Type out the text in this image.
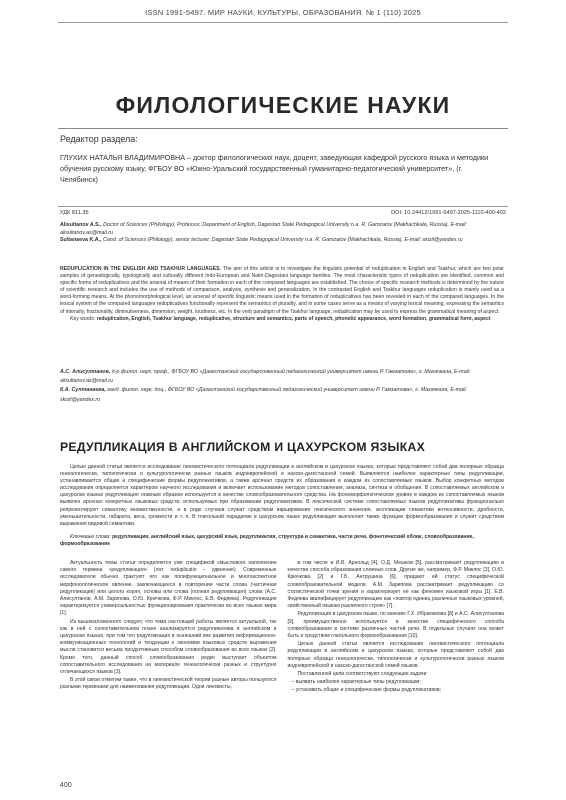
ISSN 1991-5497. МИР НАУКИ, КУЛЬТУРЫ, ОБРАЗОВАНИЯ. № 1 (110) 2025
ФИЛОЛОГИЧЕСКИЕ НАУКИ
Редактор раздела:
ГЛУХИХ НАТАЛЬЯ ВЛАДИМИРОВНА – доктор филологических наук, доцент, заведующая кафедрой русского языка и методики обучения русскому языку, ФГБОУ ВО «Южно-Уральский государственный гуманитарно-педагогический университет», (г. Челябинск)
УДК 811.35	DOI: 10.24412/1991-5497-2025-1110-400-402
Alisultanov A.S., Doctor of Sciences (Philology), Professor, Department of English, Dagestan State Pedagogical University n.a. R. Gamzatov (Makhachkala, Russia), E-mail: alisultanov.as@mail.ru
Sultanaeva K.A., Cand. of Sciences (Philology), senior lecturer, Dagestan State Pedagogical University n.a. R. Gamzatov (Makhachkala, Russia), E-mail: skizil@yandex.ru
REDUPLICATION IN THE ENGLISH AND TSAKHUR LANGUAGES. The aim of this article is to investigate the linguistic potential of reduplication in English and Tsakhur, which are two polar samples of genealogically, typologically and culturally different Indo-European and Nakh-Dagestani language families. The most characteristic types of reduplication are identified, common and specific forms of reduplicatives and the arsenal of means of their formation in each of the compared languages are established. The choice of specific research methods is determined by the nature of scientific research and includes the use of methods of comparison, analysis, synthesis and generalization. In the contrasted English and Tsakhur languages reduplication is mainly used as a word-forming means. At the phonomorphological level, an arsenal of specific linguistic means used in the formation of reduplicatives has been revealed in each of the compared languages. In the lexical system of the compared languages reduplicatives functionally represent the semantics of plurality, and in some cases serve as a means of varying lexical meaning, expressing the semantics of intensity, fractionality, diminutiveness, dimension, weight, loudness, etc. In the verb paradigm of the Tsakhur language, reduplication may be used to express the grammatical meaning of aspect.
Key words: reduplication, English, Tsakhur language, reduplicative, structure and semantics, parts of speech, phonetic appearance, word formation, grammatical form, aspect
А.С. Алисултанов, д-р филол. наук, проф., ФГБОУ ВО «Дагестанский государственный педагогический университет имени Р. Гамзатова», г. Махачкала, E-mail: alisultanov.as@mail.ru
К.А. Султанаева, канд. филол. наук, доц., ФГБОУ ВО «Дагестанский государственный педагогический университет имени Р. Гамзатова», г. Махачкала, E-mail: skizil@yandex.ru
РЕДУПЛИКАЦИЯ В АНГЛИЙСКОМ И ЦАХУРСКОМ ЯЗЫКАХ
Целью данной статьи является исследование лингвистического потенциала редупликации в английском и цахурском языках, которые представляют собой два полярных образца генеалогически, типологически и культурологически разных языков индоевропейской и нахско-дагестанской семей. Выявляются наиболее характерные типы редупликации, устанавливаются общие и специфические формы редупликативов, а также арсенал средств их образования в каждом из сопоставляемых языков. Выбор конкретных методов исследования определяется характером научного исследования и включает использование методов сопоставления, анализа, синтеза и обобщения. В сопоставляемых английском и цахурском языках редупликация главным образом используется в качестве словообразовательного средства. На фономорфологическом уровне в каждом из сопоставляемых языков выявлен арсенал конкретных языковых средств, используемых при образовании редупликативов. В лексической системе сопоставляемых языков редупликативы функционально репрезентируют семантику множественности, а в ряде случаев служат средством варьирования лексического значения, экспликации семантики интенсивности, дробности, уменьшительности, габарита, веса, громкости и т. п. В глагольной парадигме в цахурском языке редупликация выполняет также функцию формообразования и служит средством выражения видовой семантики.
Ключевые слова: редупликация, английский язык, цахурский язык, редупликатив, структура и семантика, части речи, фонетический облик, словообразование, формообразование

Актуальность темы статьи определяется уже спецификой смыслового наполнения самого термина «редупликация» (лат. reduplicatio – удвоение). Современные исследователи обычно трактуют его как полифункциональное и многоаспектное морфонологическое явление, заключающееся в повторении части слова (частичная редупликация) или целого корня, основы или слова (полная редупликация) слова (А.С. Алисултанов, А.М. Зарипова, О.Ю. Крючкова, Ф.Р. Миклос, Е.В. Федяева). Редупликация характеризуется универсальностью функционирования практически во всех языках мира [1].

Из вышеизложенного следует, что тема настоящей работы является актуальной, так как в ней с сопоставительном плане анализируется редупликатива в английском и цахурском языках, при том что редупликация в нынешний век развития информационно-коммуникационных технологий и тенденции к экономии языковых средств выражения мысли становится весьма продуктивным способом словообразования во всех языках [2]. Кроме того, данный способ словообразования редко выступает объектом сопоставительного исследования на материале генеалогически разных и структурно отличающихся языков [3].

В этой связи отметим также, что в лингвистической теории разные авторы пользуются разными терминами для наименования редупликации. Одни лингвисты,

в том числе и И.В. Арнольд [4], О.Д. Мешков [5], рассматривают редупликацию в качестве способа образования сложных слов. Другие же, например, Ф.Р. Миклос [3], О.Ю. Крючкова [2] и Г.Б. Антрушина [6], придают ей статус специфической словообразовательной модели. А.М. Зарипова рассматривает редупликацию со статистической точки зрения и характеризует её как феномен языковой игры [1]. Е.В. Федяева квалифицирует редупликацию как «повтор единиц различных языковых уровней, свойственный языкам различного строя» [7].

Редупликация в цахурском языке, по мнению Г.Х. Ибрагимова [8] и А.С. Алисултанова [9], преимущественно используется в качестве специфического способа словообразования в системе различных частей речи. В отдельных случаях она может быть и средством глагольного формообразования [10].

Целью данной статьи является исследование лингвистического потенциала редупликации в английском и цахурском языках, которые представляют собой два полярных образца генеалогически, типологически и культурологически разных языков индоевропейской и нахско-дагестанской семей языков.

Поставленной цели соответствуют следующие задачи:

– выявить наиболее характерные типы редупликации;

– установить общие и специфические формы редупликативов;

400
